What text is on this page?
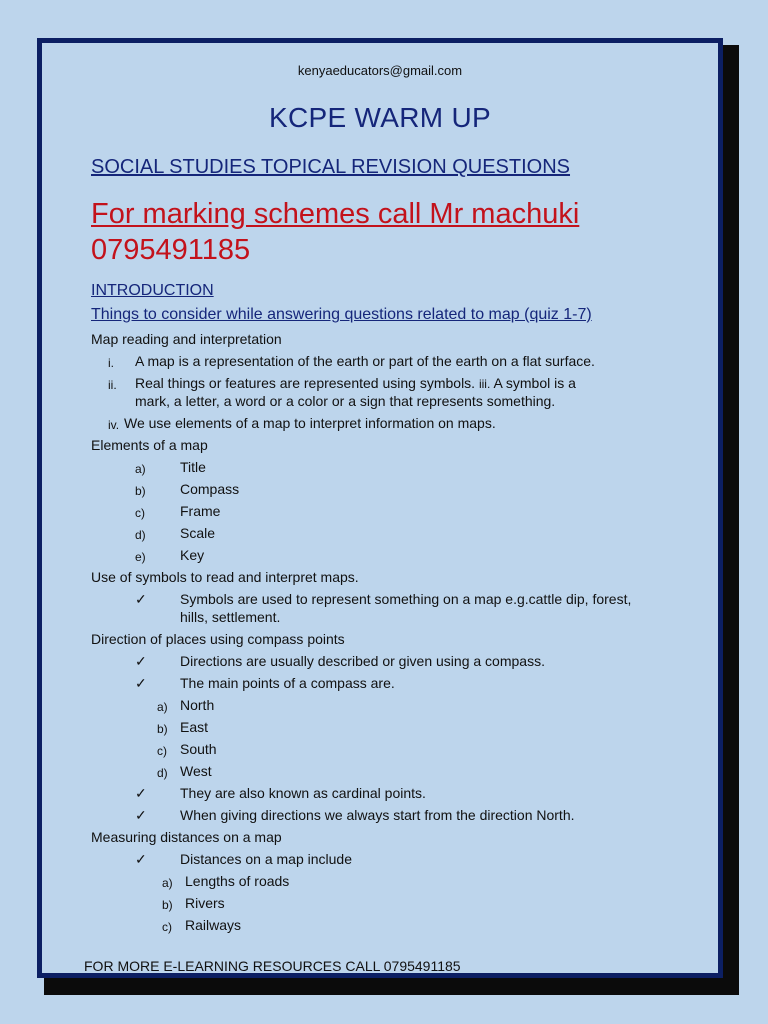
kenyaeducators@gmail.com
KCPE WARM UP
SOCIAL STUDIES TOPICAL REVISION QUESTIONS
For marking schemes call Mr machuki
0795491185
INTRODUCTION
Things to consider while answering questions related to map (quiz 1-7)
Map reading and interpretation
i. A map is a representation of the earth or part of the earth on a flat surface.
ii. Real things or features are represented using symbols. iii. A symbol is a
mark, a letter, a word or a color or a sign that represents something.
iv. We use elements of a map to interpret information on maps.
Elements of a map
a) Title
b) Compass
c)	Frame
d) Scale
e) Key
Use of symbols to read and interpret maps.
✓ Symbols are used to represent something on a map e.g.cattle dip, forest,
hills, settlement.
Direction of places using compass points
✓ Directions are usually described or given using a compass.
✓ The main points of a compass are.
a) North
b) East
c) South
d) West
✓ They are also known as cardinal points.
✓ When giving directions we always start from the direction North.
Measuring distances on a map
✓ Distances on a map include
a) Lengths of roads
b) Rivers
c) Railways
FOR MORE E-LEARNING RESOURCES CALL 0795491185
